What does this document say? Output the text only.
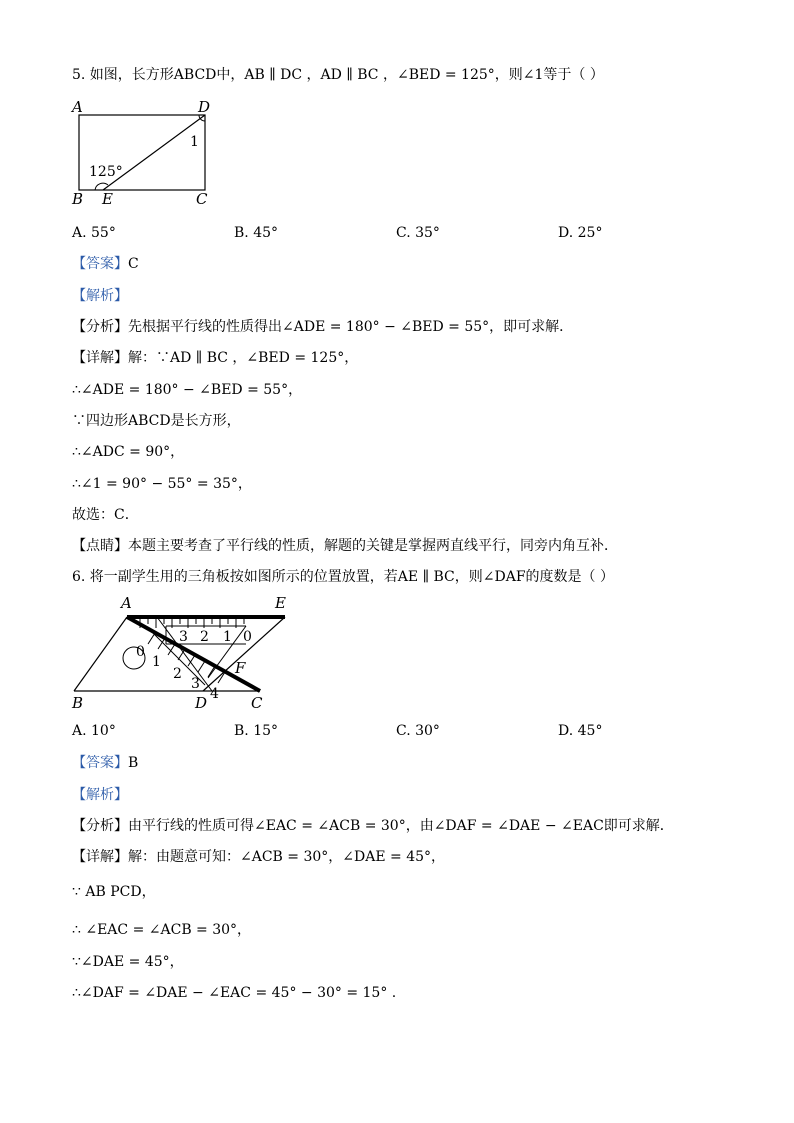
5. 如图，长方形ABCD中，AB ∥ DC ，AD ∥ BC ，∠BED = 125°，则∠1等于（ ）
A	D
1
125°
B E	C
A. 55°	B. 45°	C. 35°	D. 25°
【答案】C
【解析】
【分析】先根据平行线的性质得出∠ADE = 180° − ∠BED = 55°，即可求解．
【详解】解：∵AD ∥ BC ，∠BED = 125°，
∴∠ADE = 180° − ∠BED = 55°，
∵四边形ABCD是长方形，
∴∠ADC = 90°，
∴∠1 = 90° − 55° = 35°，
故选：C．
【点睛】本题主要考查了平行线的性质，解题的关键是掌握两直线平行，同旁内角互补．
6. 将一副学生用的三角板按如图所示的位置放置，若AE ∥ BC，则∠DAF的度数是（ ）
A	E
B	D	C
F
3 2 1 0
0
1
2
3
4
A. 10°	B. 15°	C. 30°	D. 45°
【答案】B
【解析】
【分析】由平行线的性质可得∠EAC = ∠ACB = 30°，由∠DAF = ∠DAE − ∠EAC即可求解．
【详解】解：由题意可知：∠ACB = 30°，∠DAE = 45°，
∵ AB PCD，
∴ ∠EAC = ∠ACB = 30°，
∵∠DAE = 45°，
∴∠DAF = ∠DAE − ∠EAC = 45° − 30° = 15° .
